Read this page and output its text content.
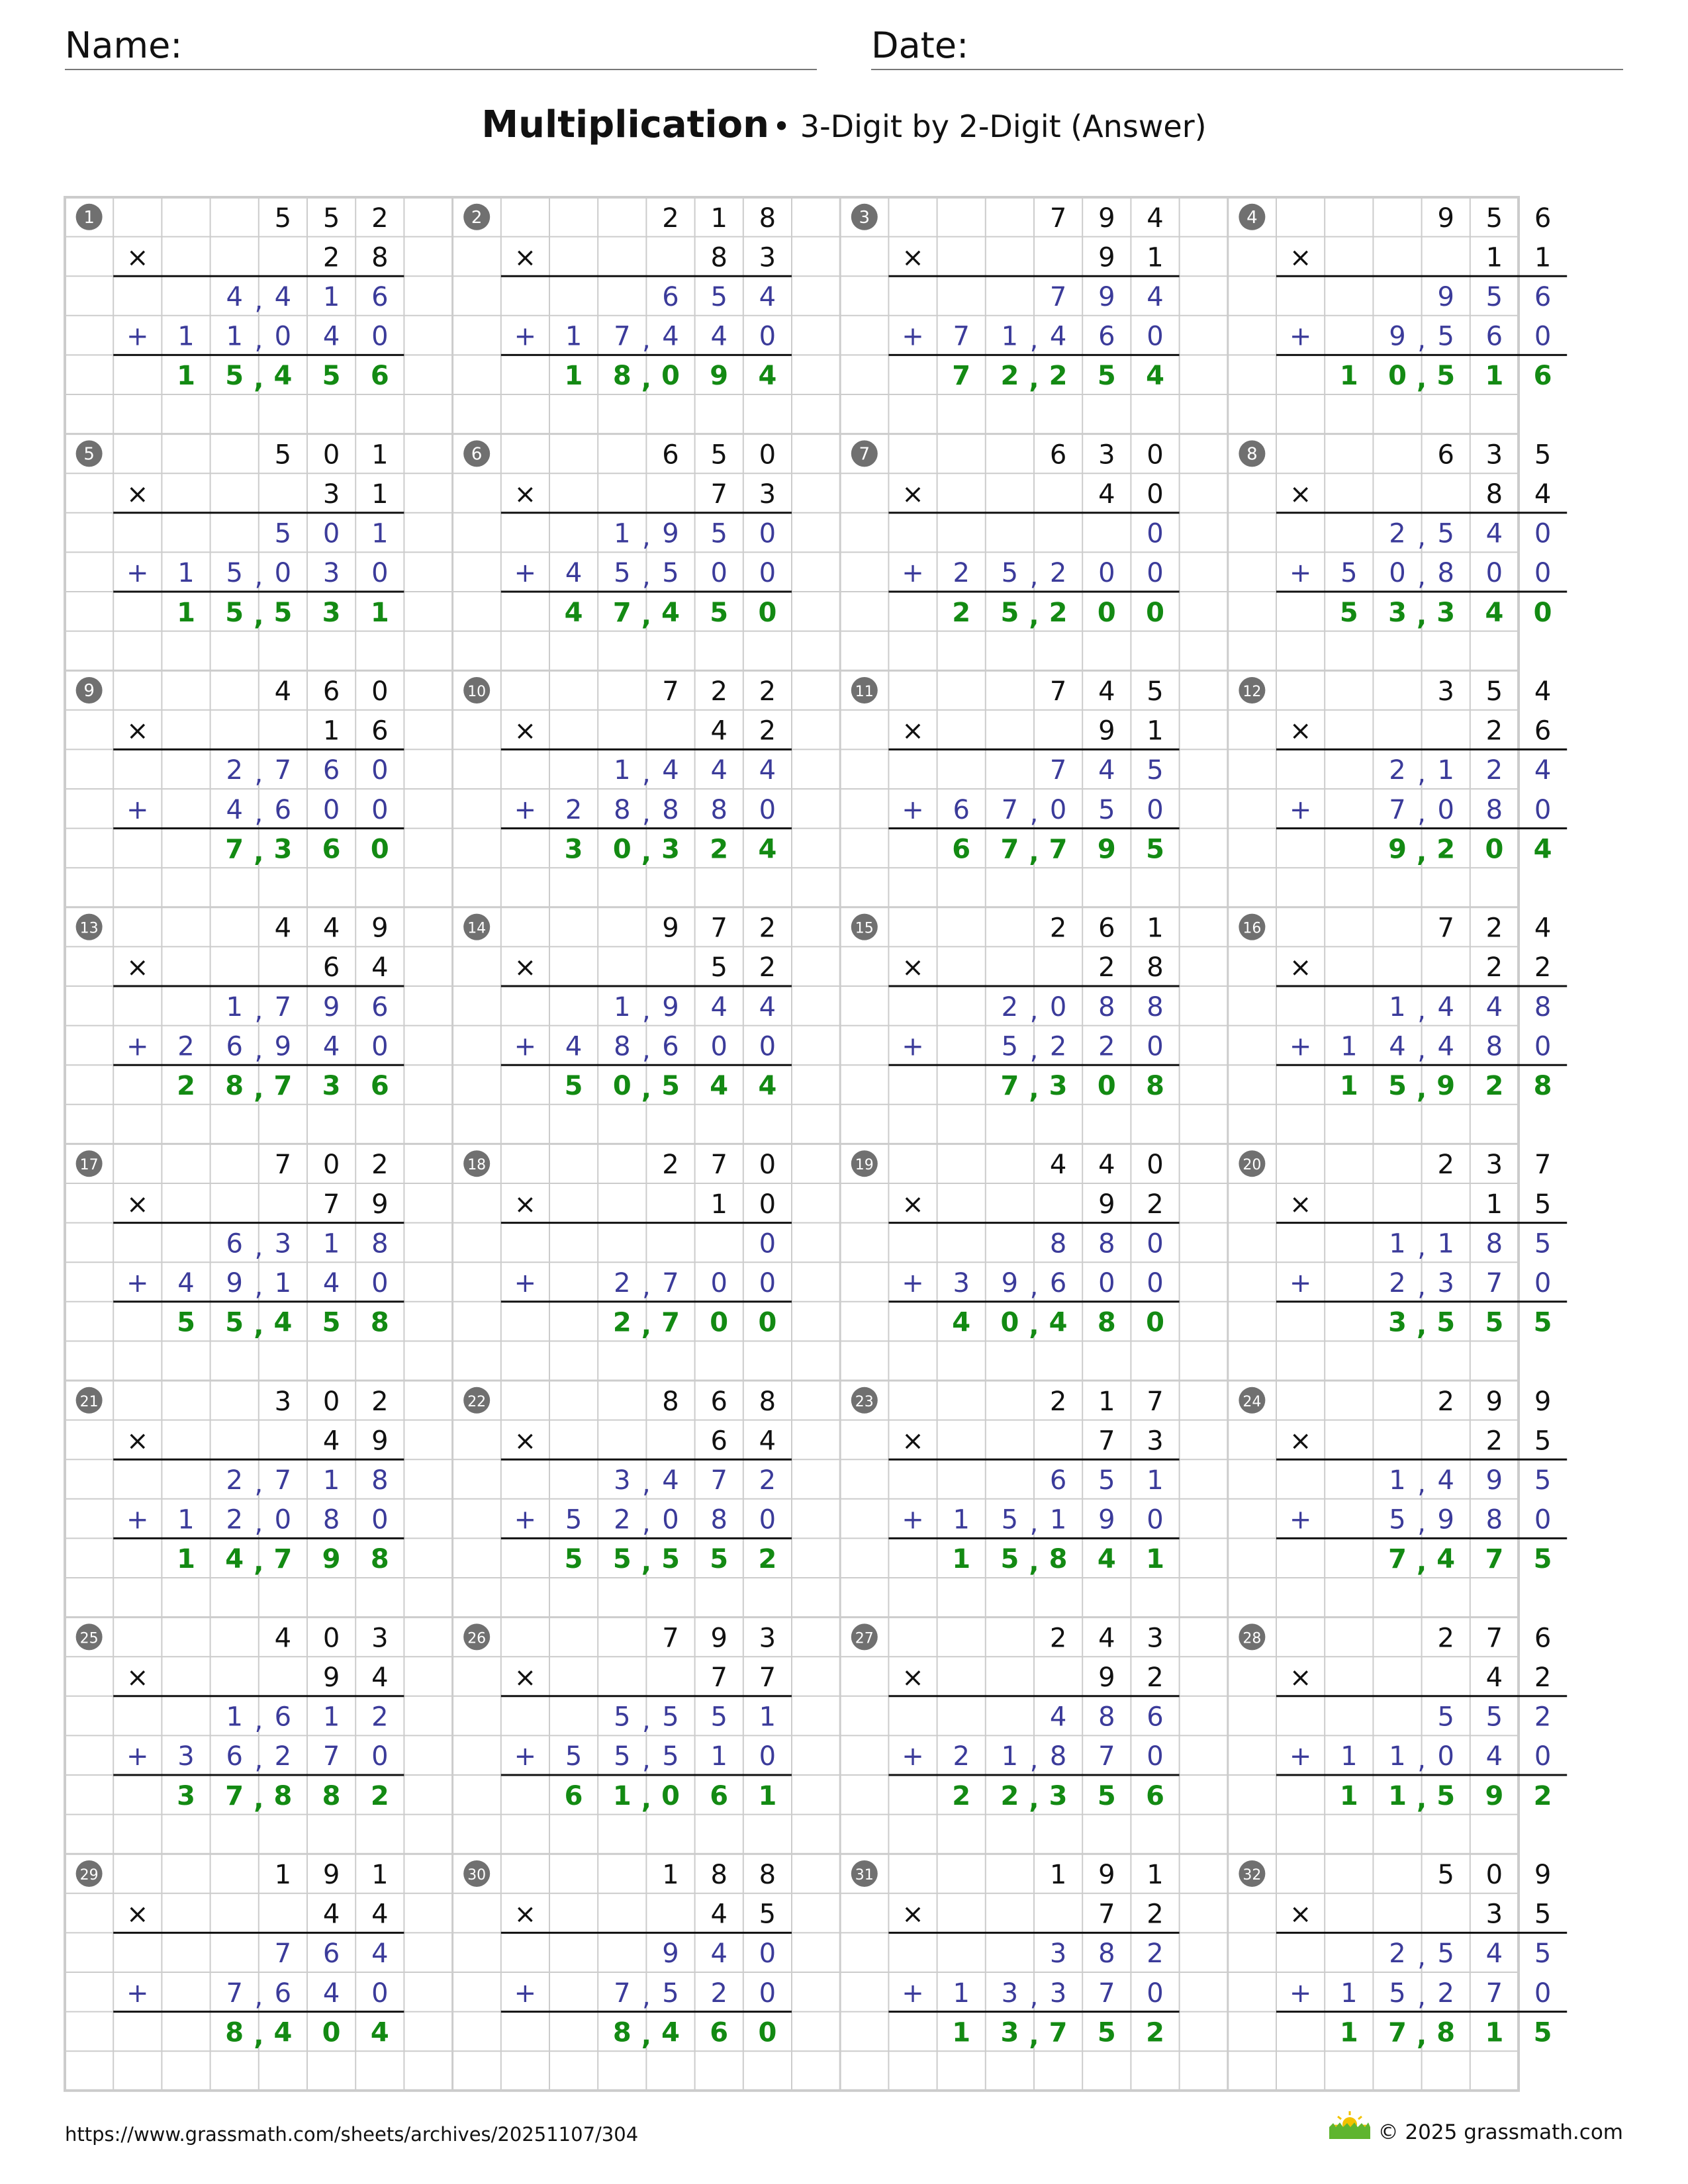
Name:	Date:
Multiplication • 3-Digit by 2-Digit (Answer)
1	5 5 2
×	2 8
4 , 4 1 6
+ 1 1 , 0 4 0
1 5 , 4 5 6
2	2 1 8
×	8 3
6 5 4
+ 1 7 , 4 4 0
1 8 , 0 9 4
3	7 9 4
×	9 1
7 9 4
+ 7 1 , 4 6 0
7 2 , 2 5 4
4	9 5 6
×	1 1
9 5 6
+	9 , 5 6 0
1 0 , 5 1 6
5	5 0 1
×	3 1
5 0 1
+ 1 5 , 0 3 0
1 5 , 5 3 1
6	6 5 0
×	7 3
1 , 9 5 0
+ 4 5 , 5 0 0
4 7 , 4 5 0
7	6 3 0
×	4 0
0
+ 2 5 , 2 0 0
2 5 , 2 0 0
8	6 3 5
×	8 4
2 , 5 4 0
+ 5 0 , 8 0 0
5 3 , 3 4 0
9	4 6 0
×	1 6
2 , 7 6 0
+	4 , 6 0 0
7 , 3 6 0
10	7 2 2
×	4 2
1 , 4 4 4
+ 2 8 , 8 8 0
3 0 , 3 2 4
11	7 4 5
×	9 1
7 4 5
+ 6 7 , 0 5 0
6 7 , 7 9 5
12	3 5 4
×	2 6
2 , 1 2 4
+	7 , 0 8 0
9 , 2 0 4
13	4 4 9
×	6 4
1 , 7 9 6
+ 2 6 , 9 4 0
2 8 , 7 3 6
14	9 7 2
×	5 2
1 , 9 4 4
+ 4 8 , 6 0 0
5 0 , 5 4 4
15	2 6 1
×	2 8
2 , 0 8 8
+	5 , 2 2 0
7 , 3 0 8
16	7 2 4
×	2 2
1 , 4 4 8
+ 1 4 , 4 8 0
1 5 , 9 2 8
17	7 0 2
×	7 9
6 , 3 1 8
+ 4 9 , 1 4 0
5 5 , 4 5 8
18	2 7 0
×	1 0
0
+	2 , 7 0 0
2 , 7 0 0
19	4 4 0
×	9 2
8 8 0
+ 3 9 , 6 0 0
4 0 , 4 8 0
20	2 3 7
×	1 5
1 , 1 8 5
+	2 , 3 7 0
3 , 5 5 5
21	3 0 2
×	4 9
2 , 7 1 8
+ 1 2 , 0 8 0
1 4 , 7 9 8
22	8 6 8
×	6 4
3 , 4 7 2
+ 5 2 , 0 8 0
5 5 , 5 5 2
23	2 1 7
×	7 3
6 5 1
+ 1 5 , 1 9 0
1 5 , 8 4 1
24	2 9 9
×	2 5
1 , 4 9 5
+	5 , 9 8 0
7 , 4 7 5
25	4 0 3
×	9 4
1 , 6 1 2
+ 3 6 , 2 7 0
3 7 , 8 8 2
26	7 9 3
×	7 7
5 , 5 5 1
+ 5 5 , 5 1 0
6 1 , 0 6 1
27	2 4 3
×	9 2
4 8 6
+ 2 1 , 8 7 0
2 2 , 3 5 6
28	2 7 6
×	4 2
5 5 2
+ 1 1 , 0 4 0
1 1 , 5 9 2
29	1 9 1
×	4 4
7 6 4
+	7 , 6 4 0
8 , 4 0 4
30	1 8 8
×	4 5
9 4 0
+	7 , 5 2 0
8 , 4 6 0
31	1 9 1
×	7 2
3 8 2
+ 1 3 , 3 7 0
1 3 , 7 5 2
32	5 0 9
×	3 5
2 , 5 4 5
+ 1 5 , 2 7 0
1 7 , 8 1 5
https://www.grassmath.com/sheets/archives/20251107/304	© 2025 grassmath.com
